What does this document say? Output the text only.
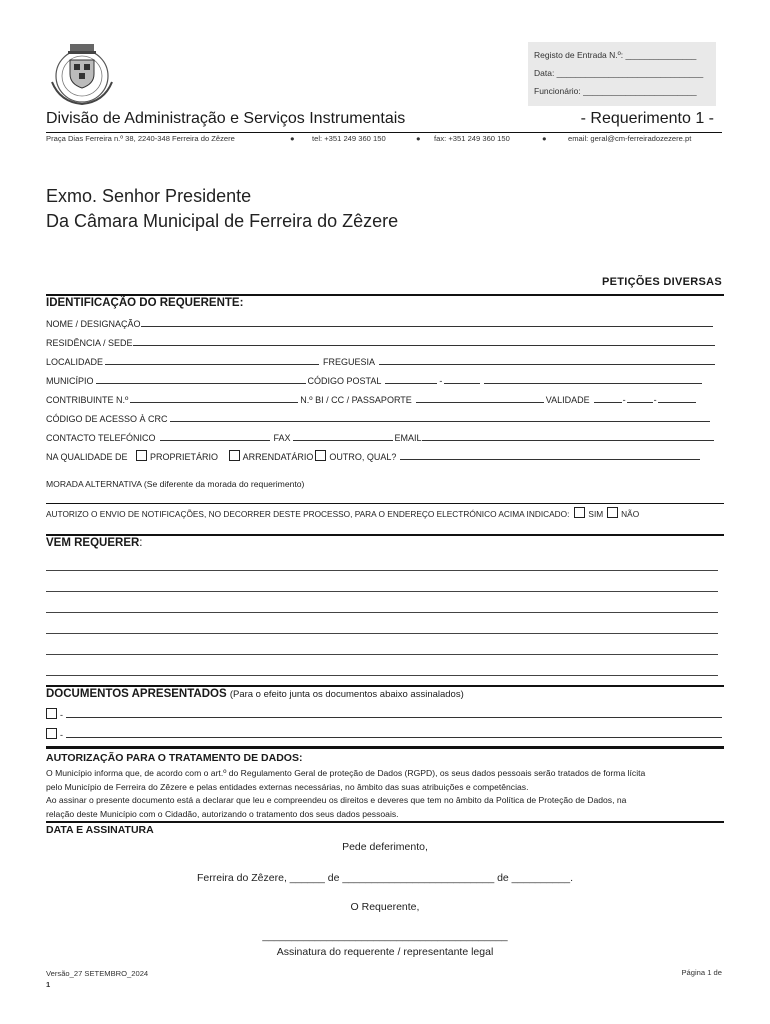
Registo de Entrada N.º: _______________
Data: _______________________________
Funcionário: ________________________
Divisão de Administração e Serviços Instrumentais	- Requerimento 1 -
Praça Dias Ferreira n.º 38, 2240-348 Ferreira do Zêzere	● tel: +351 249 360 150	● fax: +351 249 360 150	●	email: geral@cm-ferreiradozezere.pt
Exmo. Senhor Presidente
Da Câmara Municipal de Ferreira do Zêzere
PETIÇÕES DIVERSAS
IDENTIFICAÇÃO DO REQUERENTE:
NOME / DESIGNAÇÃO
RESIDÊNCIA / SEDE
LOCALIDADE	FREGUESIA
MUNICÍPIO	CÓDIGO POSTAL	-
CONTRIBUINTE N.º	N.º BI / CC / PASSAPORTE	VALIDADE	-	-
CÓDIGO DE ACESSO À CRC
CONTACTO TELEFÓNICO	FAX	EMAIL
NA QUALIDADE DE	PROPRIETÁRIO	ARRENDATÁRIO OUTRO, QUAL?
MORADA ALTERNATIVA (Se diferente da morada do requerimento)
AUTORIZO O ENVIO DE NOTIFICAÇÕES, NO DECORRER DESTE PROCESSO, PARA O ENDEREÇO ELECTRÓNICO ACIMA INDICADO: SIM NÃO
VEM REQUERER:
DOCUMENTOS APRESENTADOS (Para o efeito junta os documentos abaixo assinalados)
-
-
AUTORIZAÇÃO PARA O TRATAMENTO DE DADOS:
O Município informa que, de acordo com o art.º do Regulamento Geral de proteção de Dados (RGPD), os seus dados pessoais serão tratados de forma lícita
pelo Município de Ferreira do Zêzere e pelas entidades externas necessárias, no âmbito das suas atribuições e competências.
Ao assinar o presente documento está a declarar que leu e compreendeu os direitos e deveres que tem no âmbito da Política de Proteção de Dados, na
relação deste Município com o Cidadão, autorizando o tratamento dos seus dados pessoais.
DATA E ASSINATURA
Pede deferimento,
Ferreira do Zêzere, ______ de __________________________ de __________.
O Requerente,
__________________________________________
Assinatura do requerente / representante legal
Versão_27 SETEMBRO_2024
1
Página 1 de
